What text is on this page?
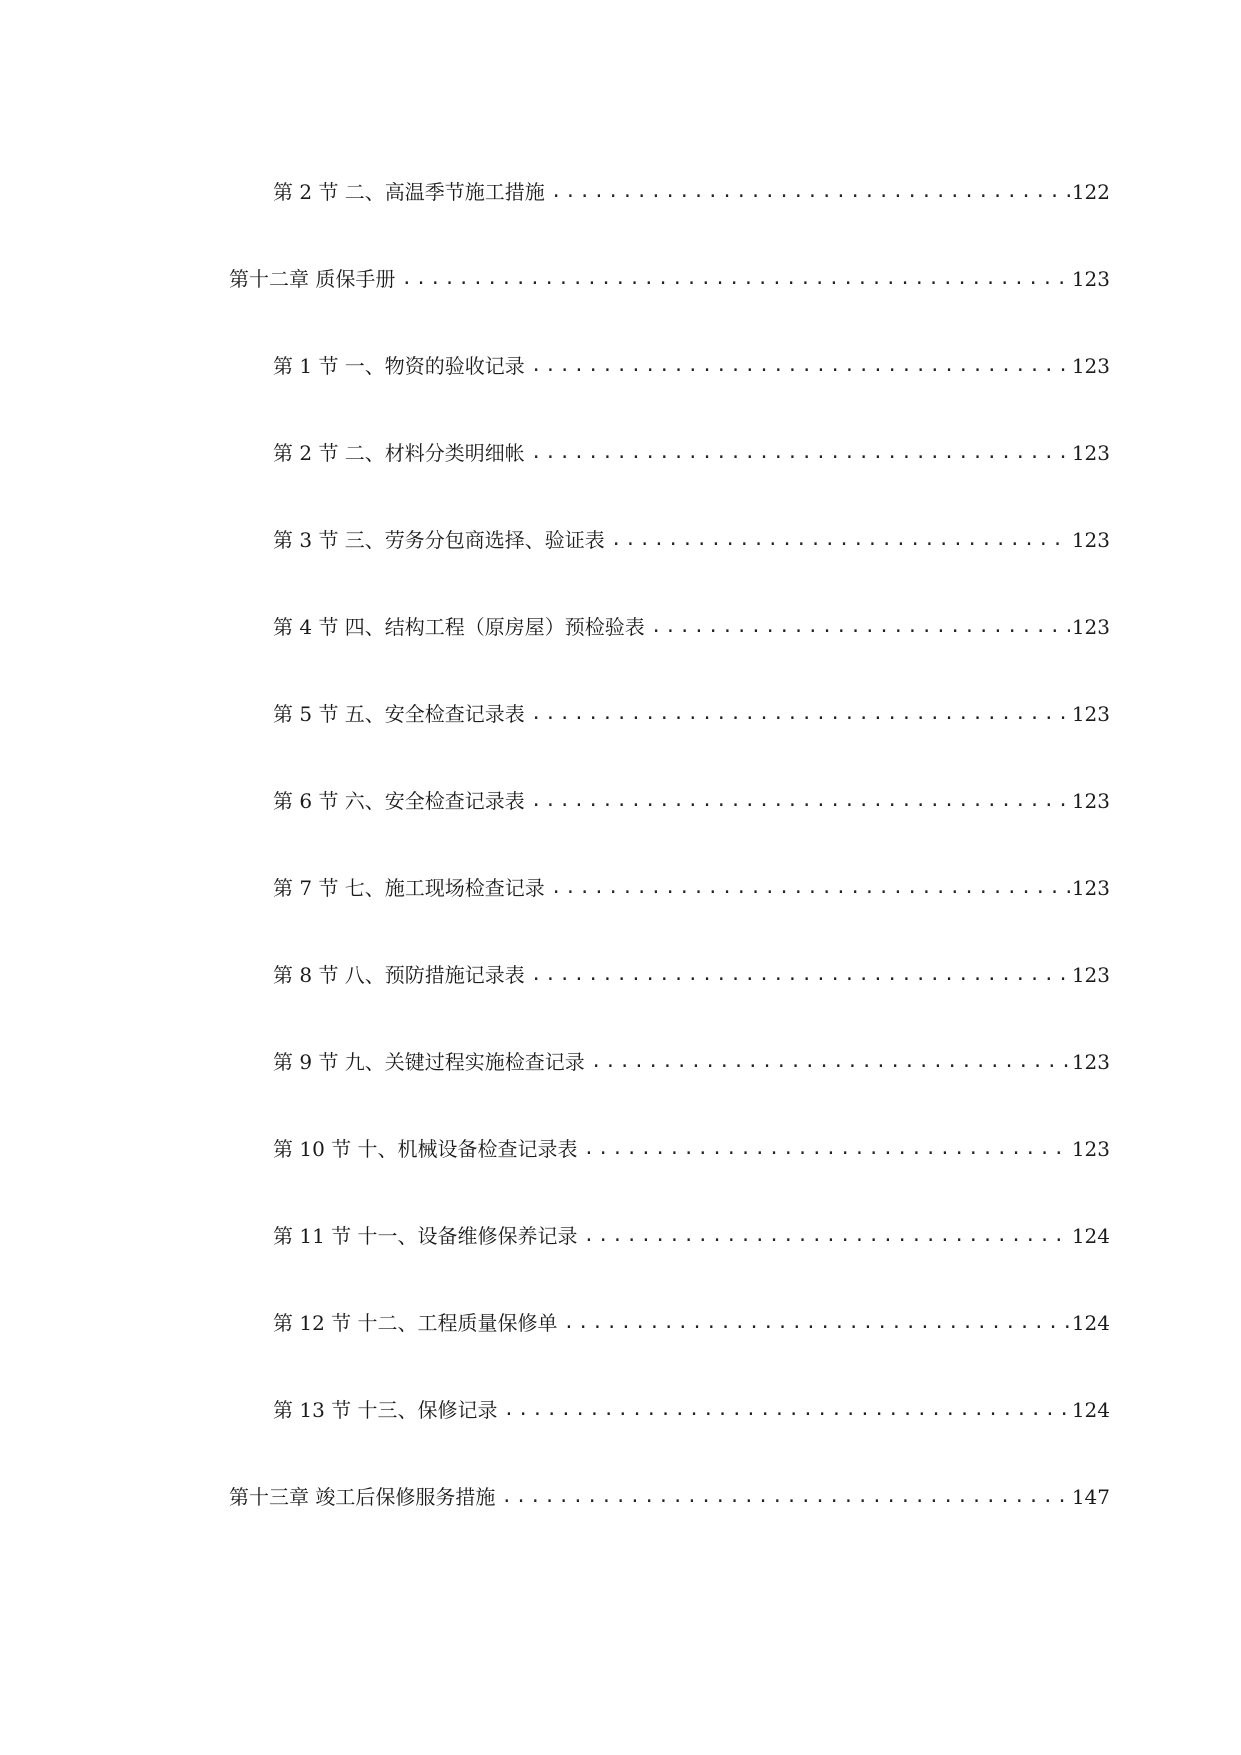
第 2 节 二、高温季节施工措施 .....	122
第十二章 质保手册 .....	123
第 1 节 一、物资的验收记录 .....	123
第 2 节 二、材料分类明细帐 .....	123
第 3 节 三、劳务分包商选择、验证表 .....	123
第 4 节 四、结构工程（原房屋）预检验表 .....	123
第 5 节 五、安全检查记录表 .....	123
第 6 节 六、安全检查记录表 .....	123
第 7 节 七、施工现场检查记录 .....	123
第 8 节 八、预防措施记录表 .....	123
第 9 节 九、关键过程实施检查记录 .....	123
第 10 节 十、机械设备检查记录表 .....	123
第 11 节 十一、设备维修保养记录 .....	124
第 12 节 十二、工程质量保修单 .....	124
第 13 节 十三、保修记录 .....	124
第十三章 竣工后保修服务措施 .....	147
